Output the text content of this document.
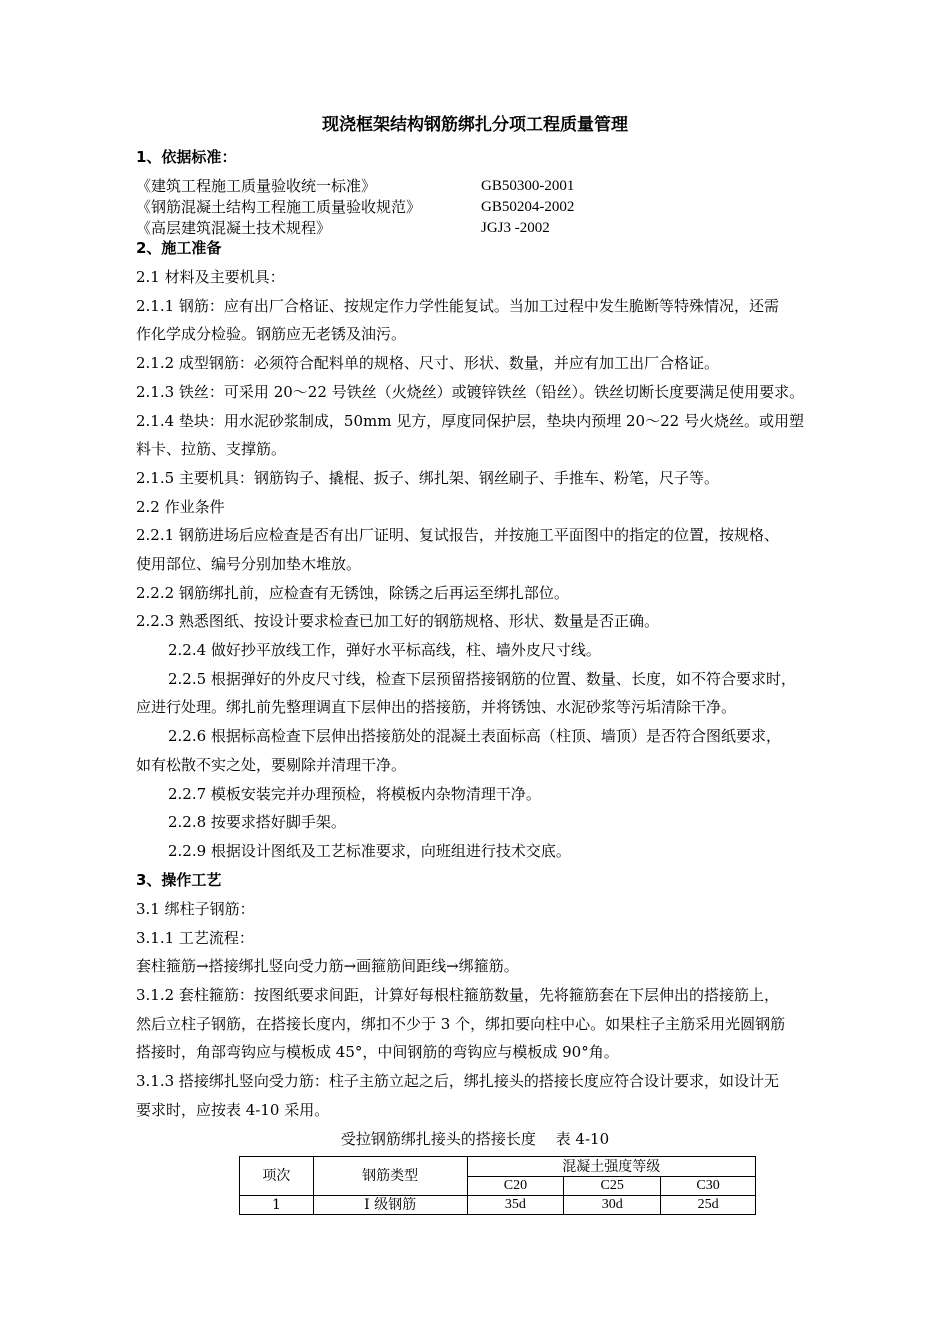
现浇框架结构钢筋绑扎分项工程质量管理
1、依据标准：
《建筑工程施工质量验收统一标准》	GB50300-2001
《钢筋混凝土结构工程施工质量验收规范》	GB50204-2002
《高层建筑混凝土技术规程》	JGJ3 -2002
2、施工准备
2.1 材料及主要机具：
2.1.1 钢筋：应有出厂合格证、按规定作力学性能复试。当加工过程中发生脆断等特殊情况，还需
作化学成分检验。钢筋应无老锈及油污。
2.1.2 成型钢筋：必须符合配料单的规格、尺寸、形状、数量，并应有加工出厂合格证。
2.1.3 铁丝：可采用 20～22 号铁丝（火烧丝）或镀锌铁丝（铅丝）。铁丝切断长度要满足使用要求。
2.1.4 垫块：用水泥砂浆制成，50mm 见方，厚度同保护层，垫块内预埋 20～22 号火烧丝。或用塑
料卡、拉筋、支撑筋。
2.1.5 主要机具：钢筋钩子、撬棍、扳子、绑扎架、钢丝刷子、手推车、粉笔，尺子等。
2.2 作业条件
2.2.1 钢筋进场后应检查是否有出厂证明、复试报告，并按施工平面图中的指定的位置，按规格、
使用部位、编号分别加垫木堆放。
2.2.2 钢筋绑扎前，应检查有无锈蚀，除锈之后再运至绑扎部位。
2.2.3 熟悉图纸、按设计要求检查已加工好的钢筋规格、形状、数量是否正确。
2.2.4 做好抄平放线工作，弹好水平标高线，柱、墙外皮尺寸线。
2.2.5 根据弹好的外皮尺寸线，检查下层预留搭接钢筋的位置、数量、长度，如不符合要求时，
应进行处理。绑扎前先整理调直下层伸出的搭接筋，并将锈蚀、水泥砂浆等污垢清除干净。
2.2.6 根据标高检查下层伸出搭接筋处的混凝土表面标高（柱顶、墙顶）是否符合图纸要求，
如有松散不实之处，要剔除并清理干净。
2.2.7 模板安装完并办理预检，将模板内杂物清理干净。
2.2.8 按要求搭好脚手架。
2.2.9 根据设计图纸及工艺标准要求，向班组进行技术交底。
3、操作工艺
3.1 绑柱子钢筋：
3.1.1 工艺流程：
套柱箍筋→搭接绑扎竖向受力筋→画箍筋间距线→绑箍筋。
3.1.2 套柱箍筋：按图纸要求间距，计算好每根柱箍筋数量，先将箍筋套在下层伸出的搭接筋上，
然后立柱子钢筋，在搭接长度内，绑扣不少于 3 个，绑扣要向柱中心。如果柱子主筋采用光圆钢筋
搭接时，角部弯钩应与模板成 45°，中间钢筋的弯钩应与模板成 90°角。
3.1.3 搭接绑扎竖向受力筋：柱子主筋立起之后，绑扎接头的搭接长度应符合设计要求，如设计无
要求时，应按表 4-10 采用。
受拉钢筋绑扎接头的搭接长度　 表 4-10
项次	钢筋类型	混凝土强度等级		
		C20	C25	C30
1	Ⅰ 级钢筋	35d	30d	25d
